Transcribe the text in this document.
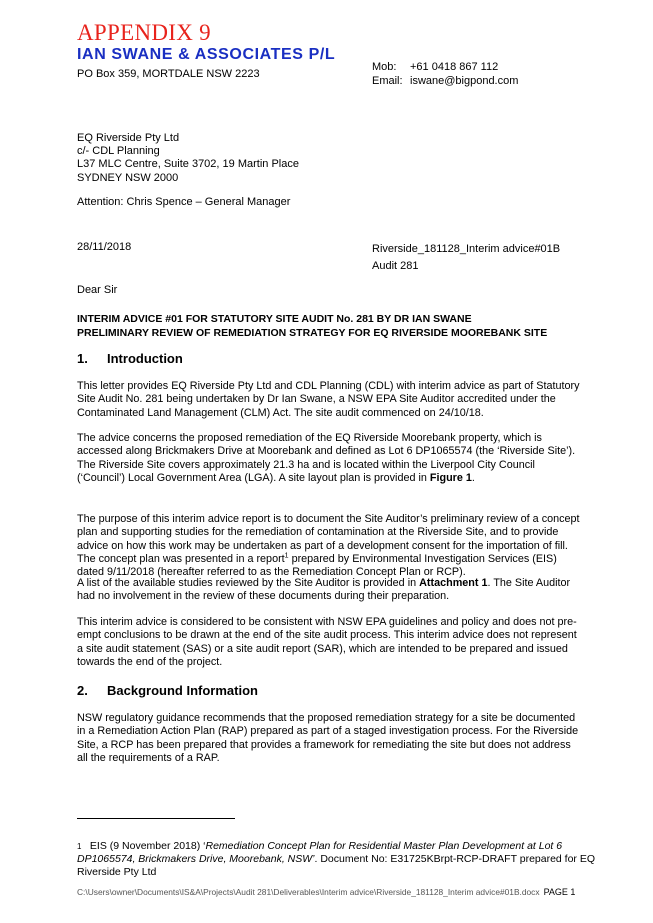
APPENDIX 9
IAN SWANE & ASSOCIATES P/L
PO Box 359, MORTDALE NSW 2223
Mob: +61 0418 867 112
Email: iswane@bigpond.com
EQ Riverside Pty Ltd
c/- CDL Planning
L37 MLC Centre, Suite 3702, 19 Martin Place
SYDNEY NSW 2000
Attention: Chris Spence – General Manager
28/11/2018	Riverside_181128_Interim advice#01B
Audit 281
Dear Sir
INTERIM ADVICE #01 FOR STATUTORY SITE AUDIT No. 281 BY DR IAN SWANE
PRELIMINARY REVIEW OF REMEDIATION STRATEGY FOR EQ RIVERSIDE MOOREBANK SITE
1. Introduction
This letter provides EQ Riverside Pty Ltd and CDL Planning (CDL) with interim advice as part of Statutory
Site Audit No. 281 being undertaken by Dr Ian Swane, a NSW EPA Site Auditor accredited under the
Contaminated Land Management (CLM) Act. The site audit commenced on 24/10/18.
The advice concerns the proposed remediation of the EQ Riverside Moorebank property, which is
accessed along Brickmakers Drive at Moorebank and defined as Lot 6 DP1065574 (the ‘Riverside Site’).
The Riverside Site covers approximately 21.3 ha and is located within the Liverpool City Council
(‘Council’) Local Government Area (LGA). A site layout plan is provided in Figure 1.
The purpose of this interim advice report is to document the Site Auditor’s preliminary review of a concept
plan and supporting studies for the remediation of contamination at the Riverside Site, and to provide
advice on how this work may be undertaken as part of a development consent for the importation of fill.
The concept plan was presented in a report$^1$ prepared by Environmental Investigation Services (EIS)
dated 9/11/2018 (hereafter referred to as the Remediation Concept Plan or RCP).
A list of the available studies reviewed by the Site Auditor is provided in Attachment 1. The Site Auditor
had no involvement in the review of these documents during their preparation.
This interim advice is considered to be consistent with NSW EPA guidelines and policy and does not pre-
empt conclusions to be drawn at the end of the site audit process. This interim advice does not represent
a site audit statement (SAS) or a site audit report (SAR), which are intended to be prepared and issued
towards the end of the project.
2. Background Information
NSW regulatory guidance recommends that the proposed remediation strategy for a site be documented
in a Remediation Action Plan (RAP) prepared as part of a staged investigation process. For the Riverside
Site, a RCP has been prepared that provides a framework for remediating the site but does not address
all the requirements of a RAP.
1 EIS (9 November 2018) ‘Remediation Concept Plan for Residential Master Plan Development at Lot 6 DP1065574, Brickmakers Drive, Moorebank, NSW’. Document No: E31725KBrpt-RCP-DRAFT prepared for EQ Riverside Pty Ltd
C:\Users\owner\Documents\IS&A\Projects\Audit 281\Deliverables\Interim advice\Riverside_181128_Interim advice#01B.docx PAGE 1
